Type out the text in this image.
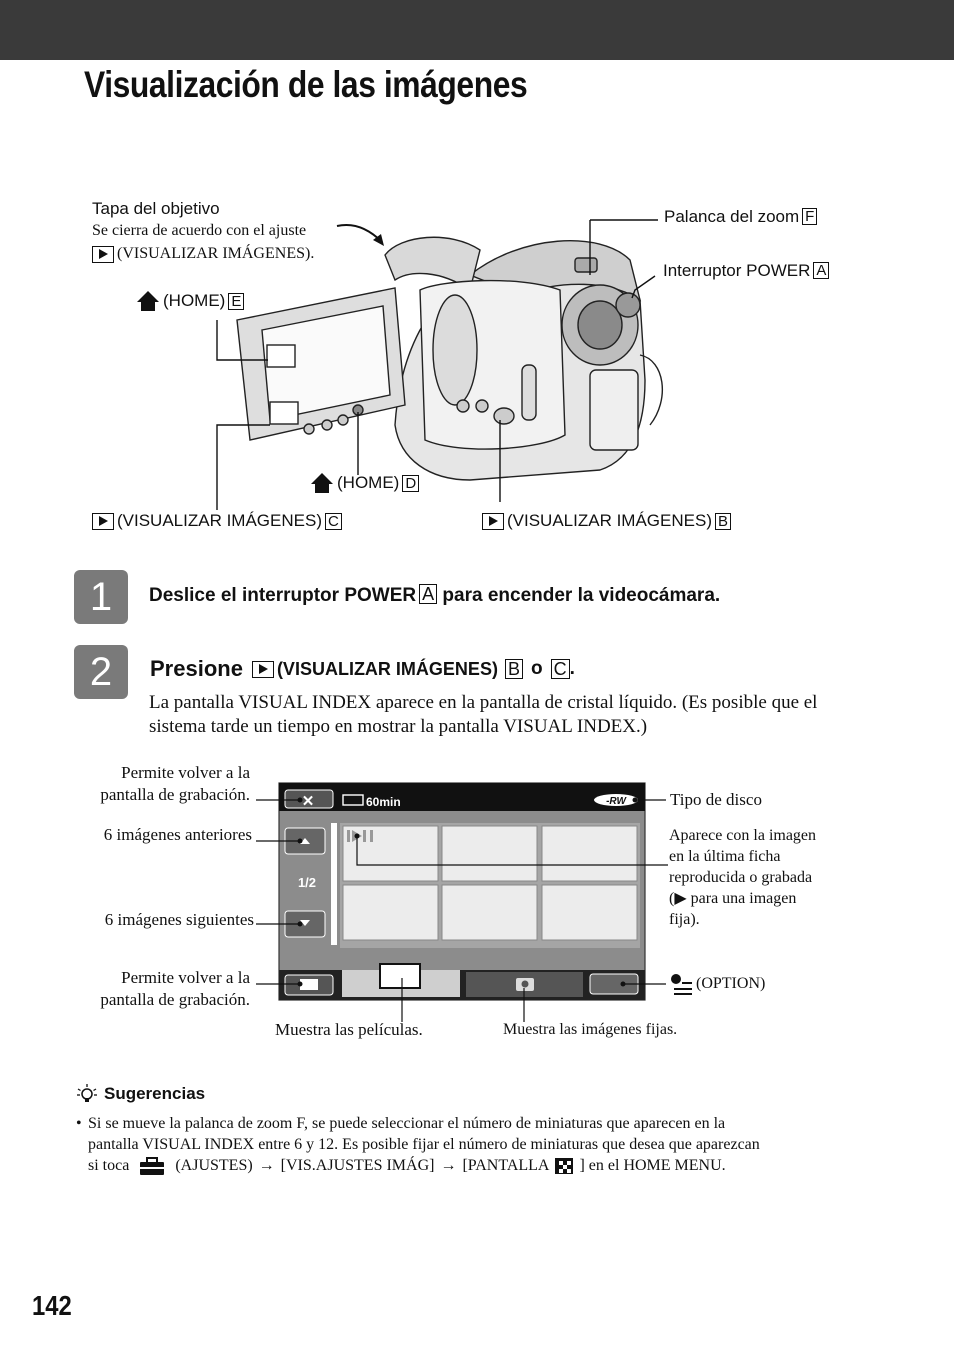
Visualización de las imágenes
Tapa del objetivo
Se cierra de acuerdo con el ajuste
(VISUALIZAR IMÁGENES).
(HOME) E
(HOME) D
(VISUALIZAR IMÁGENES) C	(VISUALIZAR IMÁGENES) B
Palanca del zoom F
Interruptor POWER A
1	Deslice el interruptor POWER A para encender la videocámara.
2	Presione (VISUALIZAR IMÁGENES) B o C .
La pantalla VISUAL INDEX aparece en la pantalla de cristal líquido. (Es posible que el sistema tarde un tiempo en mostrar la pantalla VISUAL INDEX.)
✕	60min	-RW
1/2
Permite volver a la
pantalla de grabación.
6 imágenes anteriores
6 imágenes siguientes
Permite volver a la
pantalla de grabación.
Tipo de disco
Aparece con la imagen
en la última ficha
reproducida o grabada
(▶ para una imagen
fija).
(OPTION)
Muestra las películas.	Muestra las imágenes fijas.
Sugerencias
• Si se mueve la palanca de zoom F, se puede seleccionar el número de miniaturas que aparecen en la
pantalla VISUAL INDEX entre 6 y 12. Es posible fijar el número de miniaturas que desea que aparezcan
si toca	(AJUSTES) → [VIS.AJUSTES IMÁG] → [PANTALLA ] en el HOME MENU.
142
